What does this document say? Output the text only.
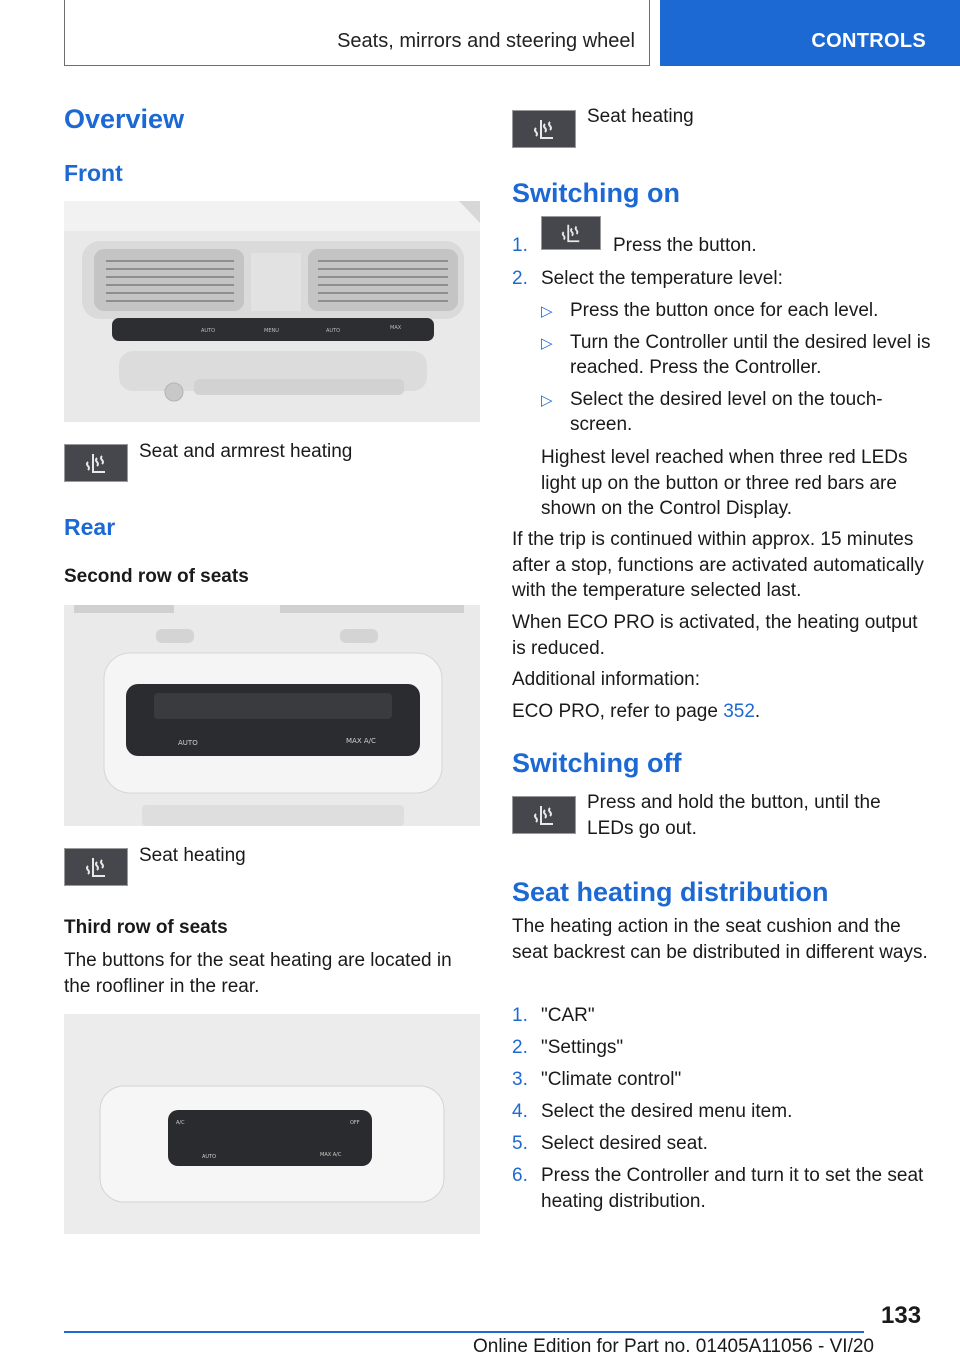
Seats, mirrors and steering wheel	CONTROLS
Overview
Front
AUTO	MENU	AUTO	MAX
Seat and armrest heating
Rear
Second row of seats
AUTO	MAX A/C
Seat heating
Third row of seats
The buttons for the seat heating are located in the roofliner in the rear.
A/C	OFF
AUTO	MAX A/C
Seat heating
Switching on
1.	Press the button.
2. Select the temperature level:
▷ Press the button once for each level.
▷ Turn the Controller until the desired level is reached. Press the Controller.
▷ Select the desired level on the touch-screen.
Highest level reached when three red LEDs light up on the button or three red bars are shown on the Control Display.
If the trip is continued within approx. 15 minutes after a stop, functions are activated automatically with the temperature selected last.
When ECO PRO is activated, the heating output is reduced.
Additional information:
ECO PRO, refer to page 352.
Switching off
Press and hold the button, until the LEDs go out.
Seat heating distribution
The heating action in the seat cushion and the seat backrest can be distributed in different ways.
1. "CAR"
2. "Settings"
3. "Climate control"
4. Select the desired menu item.
5. Select desired seat.
6. Press the Controller and turn it to set the seat heating distribution.
133
Online Edition for Part no. 01405A11056 - VI/20
